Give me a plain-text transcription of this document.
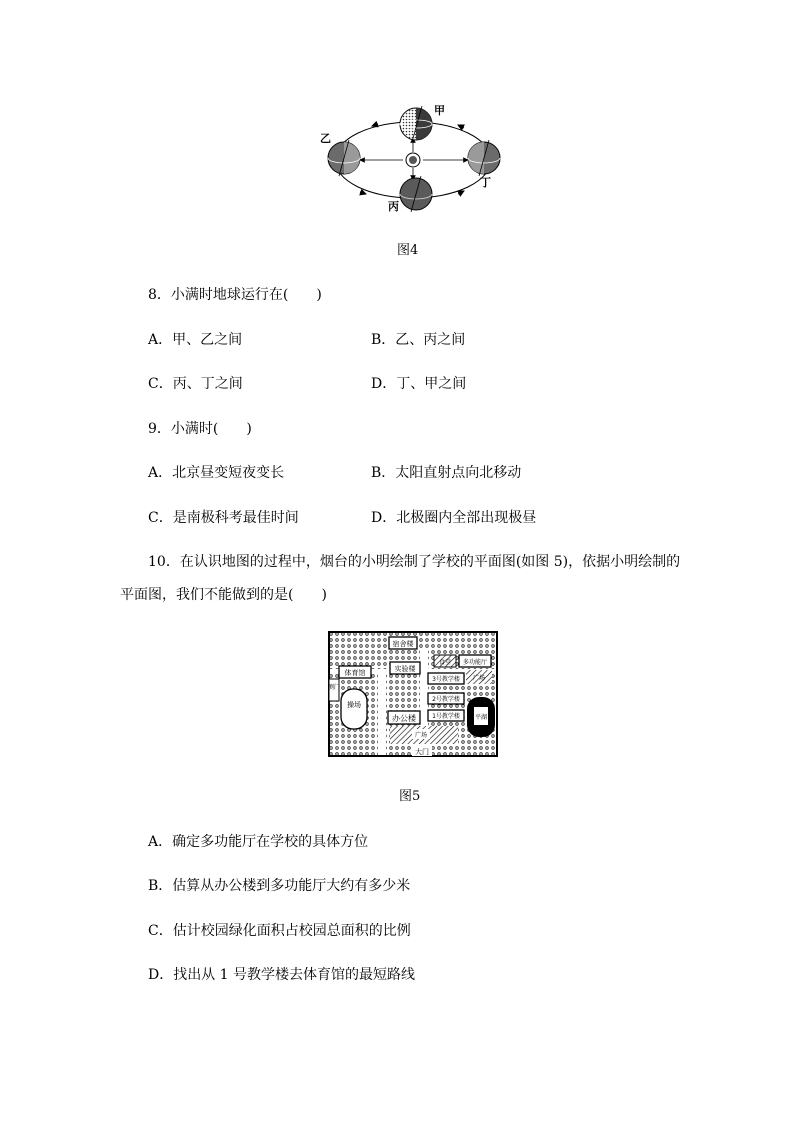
甲
乙
丙
丁
图4
8．小满时地球运行在(　　)
A．甲、乙之间	B．乙、丙之间
C．丙、丁之间	D．丁、甲之间
9．小满时(　　)
A．北京昼变短夜变长	B．太阳直射点向北移动
C．是南极科考最佳时间	D．北极圈内全部出现极昼
10．在认识地图的过程中，烟台的小明绘制了学校的平面图(如图 5)，依据小明绘制的
平面图，我们不能做到的是(　　)
宿舍楼
体育馆	实验楼
食堂 多功能厅
广场
3号教学楼
2号教学楼
1号教学楼	平湖
操场
办公楼
广场
侧门
大门
图5
A．确定多功能厅在学校的具体方位
B．估算从办公楼到多功能厅大约有多少米
C．估计校园绿化面积占校园总面积的比例
D．找出从 1 号教学楼去体育馆的最短路线
